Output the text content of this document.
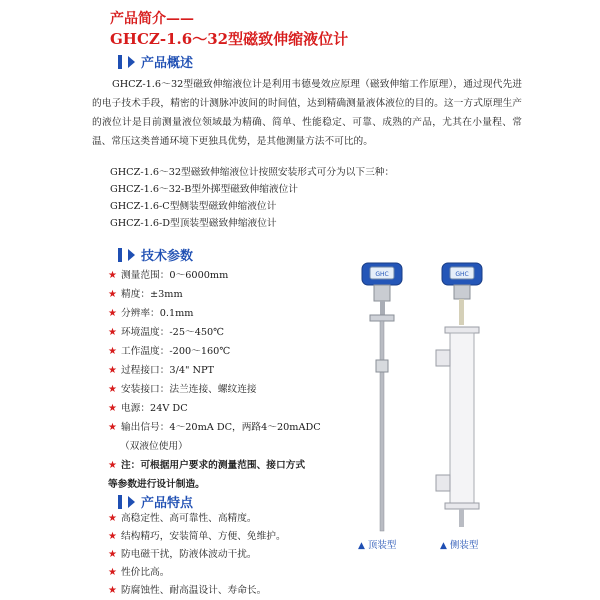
产品简介——
GHCZ-1.6～32型磁致伸缩液位计
产品概述

GHCZ-1.6～32型磁致伸缩液位计是利用韦德曼效应原理（磁致伸缩工作原理），通过现代先进的电子技术手段，精密的计测脉冲波间的时间值，达到精确测量液体液位的目的。这一方式原理生产的液位计是目前测量液位领域最为精确、简单、性能稳定、可靠、成熟的产品，尤其在小量程、常温、常压这类普通环境下更独具优势，是其他测量方法不可比的。

GHCZ-1.6～32型磁致伸缩液位计按照安装形式可分为以下三种：
GHCZ-1.6～32-B型外掷型磁致伸缩液位计
GHCZ-1.6-C型侧装型磁致伸缩液位计
GHCZ-1.6-D型顶装型磁致伸缩液位计
技术参数
★ 测量范围：0～6000mm
★ 精度：±3mm
★ 分辨率：0.1mm
★ 环境温度：-25～450℃
★ 工作温度：-200～160℃
★ 过程接口：3/4" NPT
★ 安装接口：法兰连接、螺纹连接
★ 电源：24V DC
★ 输出信号：4～20mA DC，两路4～20mADC
（双液位使用）
★ 注：可根据用户要求的测量范围、接口方式
等参数进行设计制造。
产品特点
★ 高稳定性、高可靠性、高精度。
★ 结构精巧，安装简单、方便、免维护。
★ 防电磁干扰，防液体波动干扰。
★ 性价比高。
★ 防腐蚀性、耐高温设计、寿命长。
GHC	GHC
▲ 顶装型	▲ 侧装型
